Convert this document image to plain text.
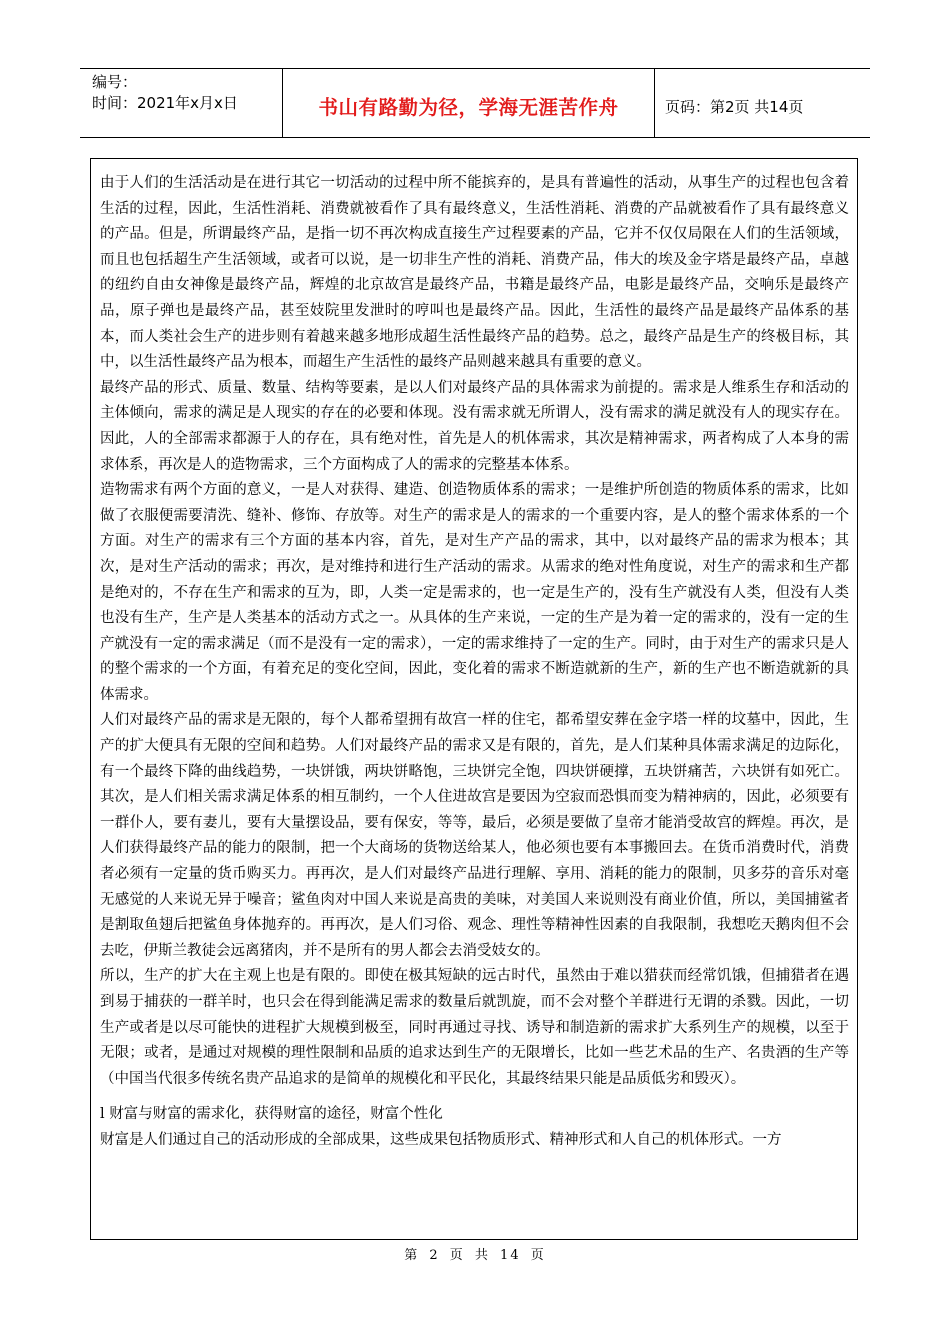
编号：
时间：2021年x月x日	书山有路勤为径，学海无涯苦作舟	页码：第2页 共14页

由于人们的生活活动是在进行其它一切活动的过程中所不能摈弃的，是具有普遍性的活动，从事生产的过程也包含着生活的过程，因此，生活性消耗、消费就被看作了具有最终意义，生活性消耗、消费的产品就被看作了具有最终意义的产品。但是，所谓最终产品，是指一切不再次构成直接生产过程要素的产品，它并不仅仅局限在人们的生活领域，而且也包括超生产生活领域，或者可以说，是一切非生产性的消耗、消费产品，伟大的埃及金字塔是最终产品，卓越的纽约自由女神像是最终产品，辉煌的北京故宫是最终产品，书籍是最终产品，电影是最终产品，交响乐是最终产品，原子弹也是最终产品，甚至妓院里发泄时的哼叫也是最终产品。因此，生活性的最终产品是最终产品体系的基本，而人类社会生产的进步则有着越来越多地形成超生活性最终产品的趋势。总之，最终产品是生产的终极目标，其中，以生活性最终产品为根本，而超生产生活性的最终产品则越来越具有重要的意义。

最终产品的形式、质量、数量、结构等要素，是以人们对最终产品的具体需求为前提的。需求是人维系生存和活动的主体倾向，需求的满足是人现实的存在的必要和体现。没有需求就无所谓人，没有需求的满足就没有人的现实存在。因此，人的全部需求都源于人的存在，具有绝对性，首先是人的机体需求，其次是精神需求，两者构成了人本身的需求体系，再次是人的造物需求，三个方面构成了人的需求的完整基本体系。

造物需求有两个方面的意义，一是人对获得、建造、创造物质体系的需求；一是维护所创造的物质体系的需求，比如做了衣服便需要清洗、缝补、修饰、存放等。对生产的需求是人的需求的一个重要内容，是人的整个需求体系的一个方面。对生产的需求有三个方面的基本内容，首先，是对生产产品的需求，其中，以对最终产品的需求为根本；其次，是对生产活动的需求；再次，是对维持和进行生产活动的需求。从需求的绝对性角度说，对生产的需求和生产都是绝对的，不存在生产和需求的互为，即，人类一定是需求的，也一定是生产的，没有生产就没有人类，但没有人类也没有生产，生产是人类基本的活动方式之一。从具体的生产来说，一定的生产是为着一定的需求的，没有一定的生产就没有一定的需求满足（而不是没有一定的需求），一定的需求维持了一定的生产。同时，由于对生产的需求只是人的整个需求的一个方面，有着充足的变化空间，因此，变化着的需求不断造就新的生产，新的生产也不断造就新的具体需求。

人们对最终产品的需求是无限的，每个人都希望拥有故宫一样的住宅，都希望安葬在金字塔一样的坟墓中，因此，生产的扩大便具有无限的空间和趋势。人们对最终产品的需求又是有限的，首先，是人们某种具体需求满足的边际化，有一个最终下降的曲线趋势，一块饼饿，两块饼略饱，三块饼完全饱，四块饼硬撑，五块饼痛苦，六块饼有如死亡。其次，是人们相关需求满足体系的相互制约，一个人住进故宫是要因为空寂而恐惧而变为精神病的，因此，必须要有一群仆人，要有妻儿，要有大量摆设品，要有保安，等等，最后，必须是要做了皇帝才能消受故宫的辉煌。再次，是人们获得最终产品的能力的限制，把一个大商场的货物送给某人，他必须也要有本事搬回去。在货币消费时代，消费者必须有一定量的货币购买力。再再次，是人们对最终产品进行理解、享用、消耗的能力的限制，贝多芬的音乐对毫无感觉的人来说无异于噪音；鲨鱼肉对中国人来说是高贵的美味，对美国人来说则没有商业价值，所以，美国捕鲨者是割取鱼翅后把鲨鱼身体抛弃的。再再次，是人们习俗、观念、理性等精神性因素的自我限制，我想吃天鹅肉但不会去吃，伊斯兰教徒会远离猪肉，并不是所有的男人都会去消受妓女的。

所以，生产的扩大在主观上也是有限的。即使在极其短缺的远古时代，虽然由于难以猎获而经常饥饿，但捕猎者在遇到易于捕获的一群羊时，也只会在得到能满足需求的数量后就凯旋，而不会对整个羊群进行无谓的杀戮。因此，一切生产或者是以尽可能快的进程扩大规模到极至，同时再通过寻找、诱导和制造新的需求扩大系列生产的规模，以至于无限；或者，是通过对规模的理性限制和品质的追求达到生产的无限增长，比如一些艺术品的生产、名贵酒的生产等（中国当代很多传统名贵产品追求的是简单的规模化和平民化，其最终结果只能是品质低劣和毁灭）。

l 财富与财富的需求化，获得财富的途径，财富个性化

财富是人们通过自己的活动形成的全部成果，这些成果包括物质形式、精神形式和人自己的机体形式。一方

第 2 页 共 14 页
